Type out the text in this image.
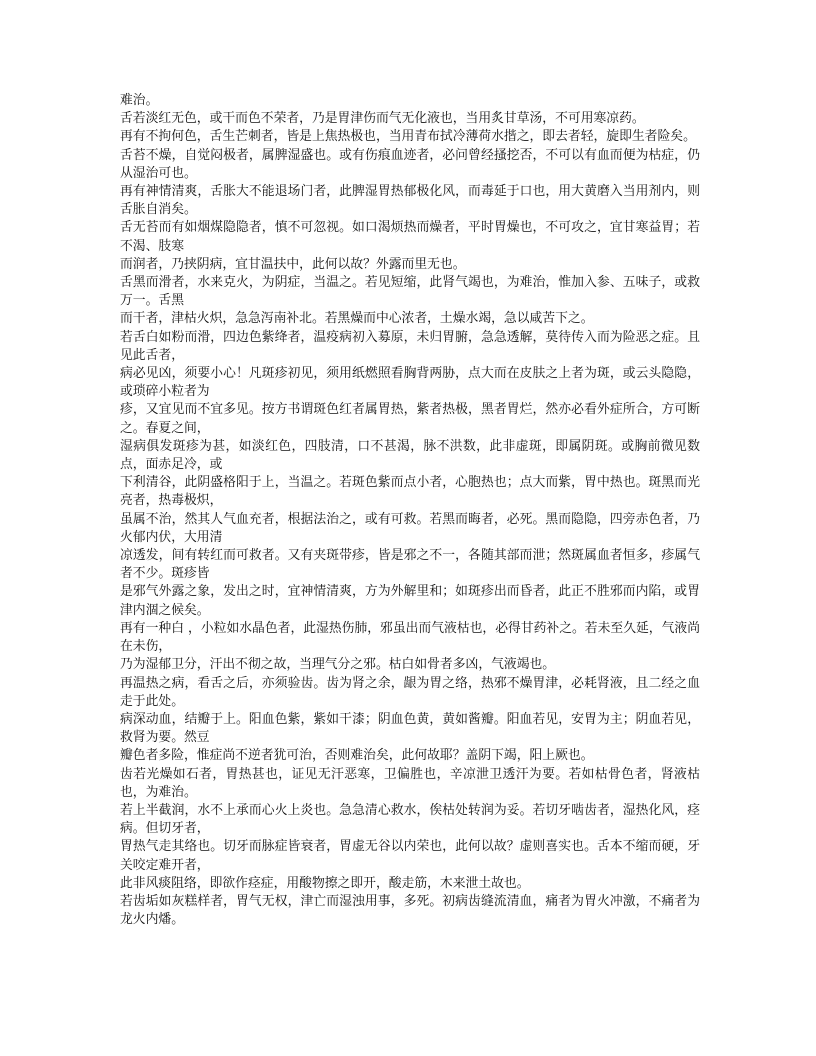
难治。

舌若淡红无色，或干而色不荣者，乃是胃津伤而气无化液也，当用炙甘草汤，不可用寒凉药。

再有不拘何色，舌生芒刺者，皆是上焦热极也，当用青布拭冷薄荷水揩之，即去者轻，旋即生者险矣。

舌苔不燥，自觉闷极者，属脾湿盛也。或有伤痕血迹者，必问曾经搔挖否，不可以有血而便为枯症，仍从湿治可也。

再有神情清爽，舌胀大不能退场门者，此脾湿胃热郁极化风，而毒延于口也，用大黄磨入当用剂内，则舌胀自消矣。

舌无苔而有如烟煤隐隐者，慎不可忽视。如口渴烦热而燥者，平时胃燥也，不可攻之，宜甘寒益胃；若不渴、肢寒

而润者，乃挟阴病，宜甘温扶中，此何以故？外露而里无也。

舌黑而滑者，水来克火，为阴症，当温之。若见短缩，此肾气竭也，为难治，惟加入参、五味子，或救万一。舌黑

而干者，津枯火炽，急急泻南补北。若黑燥而中心浓者，土燥水竭，急以咸苦下之。

若舌白如粉而滑，四边色紫绛者，温疫病初入募原，未归胃腑，急急透解，莫待传入而为险恶之症。且见此舌者，

病必见凶，须要小心！凡斑疹初见，须用纸燃照看胸背两胁，点大而在皮肤之上者为斑，或云头隐隐，或琐碎小粒者为

疹，又宜见而不宜多见。按方书谓斑色红者属胃热，紫者热极，黑者胃烂，然亦必看外症所合，方可断之。春夏之间，

湿病俱发斑疹为甚，如淡红色，四肢清，口不甚渴，脉不洪数，此非虚斑，即属阴斑。或胸前微见数点，面赤足冷，或

下利清谷，此阴盛格阳于上，当温之。若斑色紫而点小者，心胞热也；点大而紫，胃中热也。斑黑而光亮者，热毒极炽，

虽属不治，然其人气血充者，根据法治之，或有可救。若黑而晦者，必死。黑而隐隐，四旁赤色者，乃火郁内伏，大用清

凉透发，间有转红而可救者。又有夹斑带疹，皆是邪之不一，各随其部而泄；然斑属血者恒多，疹属气者不少。斑疹皆

是邪气外露之象，发出之时，宜神情清爽，方为外解里和；如斑疹出而昏者，此正不胜邪而内陷，或胃津内涸之候矣。

再有一种白 ，小粒如水晶色者，此湿热伤肺，邪虽出而气液枯也，必得甘药补之。若未至久延，气液尚在未伤，

乃为湿郁卫分，汗出不彻之故，当理气分之邪。枯白如骨者多凶，气液竭也。

再温热之病，看舌之后，亦须验齿。齿为肾之余，龈为胃之络，热邪不燥胃津，必耗肾液，且二经之血走于此处。

病深动血，结瓣于上。阳血色紫，紫如干漆；阴血色黄，黄如酱瓣。阳血若见，安胃为主；阴血若见，救肾为要。然豆

瓣色者多险，惟症尚不逆者犹可治，否则难治矣，此何故耶？盖阴下竭，阳上厥也。

齿若光燥如石者，胃热甚也，证见无汗恶寒，卫偏胜也，辛凉泄卫透汗为要。若如枯骨色者，肾液枯也，为难治。

若上半截润，水不上承而心火上炎也。急急清心救水，俟枯处转润为妥。若切牙啮齿者，湿热化风，痉病。但切牙者，

胃热气走其络也。切牙而脉症皆衰者，胃虚无谷以内荣也，此何以故？虚则喜实也。舌本不缩而硬，牙关咬定难开者，

此非风痰阻络，即欲作痉症，用酸物擦之即开，酸走筋，木来泄土故也。

若齿垢如灰糕样者，胃气无权，津亡而湿浊用事，多死。初病齿缝流清血，痛者为胃火冲激，不痛者为龙火内燔。
